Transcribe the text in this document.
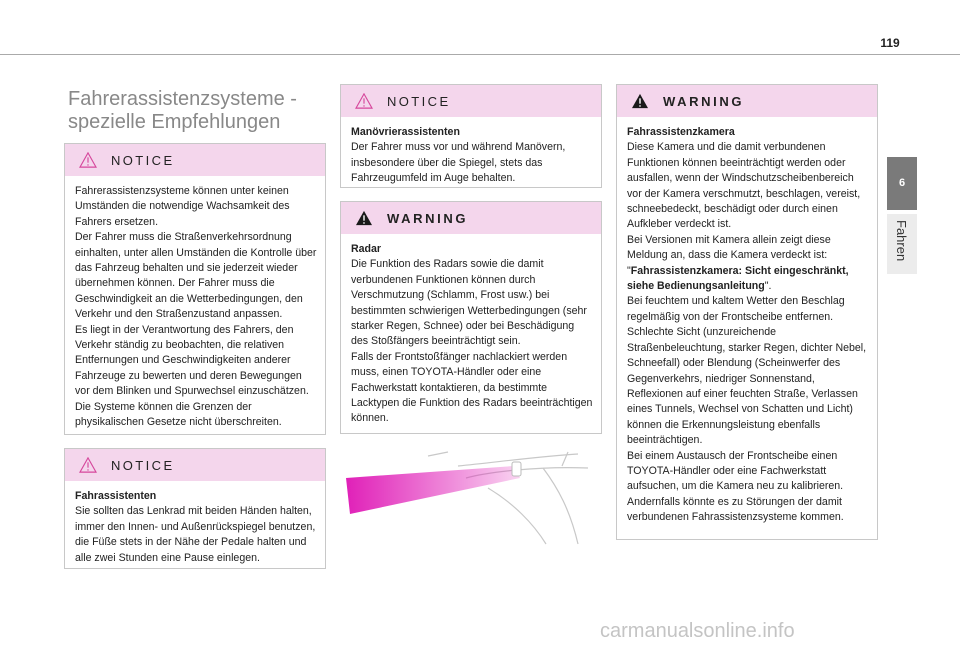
119
6
Fahren
Fahrerassistenzsysteme -
spezielle Empfehlungen
NOTICE

Fahrerassistenzsysteme können unter keinen Umständen die notwendige Wachsamkeit des Fahrers ersetzen.

Der Fahrer muss die Straßenverkehrsordnung einhalten, unter allen Umständen die Kontrolle über das Fahrzeug behalten und sie jederzeit wieder übernehmen können. Der Fahrer muss die Geschwindigkeit an die Wetterbedingungen, den Verkehr und den Straßenzustand anpassen.

Es liegt in der Verantwortung des Fahrers, den Verkehr ständig zu beobachten, die relativen Entfernungen und Geschwindigkeiten anderer Fahrzeuge zu bewerten und deren Bewegungen vor dem Blinken und Spurwechsel einzuschätzen.

Die Systeme können die Grenzen der physikalischen Gesetze nicht überschreiten.

NOTICE

Fahrassistenten

Sie sollten das Lenkrad mit beiden Händen halten, immer den Innen- und Außenrückspiegel benutzen, die Füße stets in der Nähe der Pedale halten und alle zwei Stunden eine Pause einlegen.

NOTICE

Manövrierassistenten

Der Fahrer muss vor und während Manövern, insbesondere über die Spiegel, stets das Fahrzeugumfeld im Auge behalten.

WARNING

Radar

Die Funktion des Radars sowie die damit verbundenen Funktionen können durch Verschmutzung (Schlamm, Frost usw.) bei bestimmten schwierigen Wetterbedingungen (sehr starker Regen, Schnee) oder bei Beschädigung des Stoßfängers beeinträchtigt sein.

Falls der Frontstoßfänger nachlackiert werden muss, einen TOYOTA-Händler oder eine Fachwerkstatt kontaktieren, da bestimmte Lacktypen die Funktion des Radars beeinträchtigen können.

WARNING

Fahrassistenzkamera

Diese Kamera und die damit verbundenen Funktionen können beeinträchtigt werden oder ausfallen, wenn der Windschutzscheibenbereich vor der Kamera verschmutzt, beschlagen, vereist, schneebedeckt, beschädigt oder durch einen Aufkleber verdeckt ist.

Bei Versionen mit Kamera allein zeigt diese Meldung an, dass die Kamera verdeckt ist: "Fahrassistenzkamera: Sicht eingeschränkt, siehe Bedienungsanleitung".

Bei feuchtem und kaltem Wetter den Beschlag regelmäßig von der Frontscheibe entfernen.

Schlechte Sicht (unzureichende Straßenbeleuchtung, starker Regen, dichter Nebel, Schneefall) oder Blendung (Scheinwerfer des Gegenverkehrs, niedriger Sonnenstand, Reflexionen auf einer feuchten Straße, Verlassen eines Tunnels, Wechsel von Schatten und Licht) können die Erkennungsleistung ebenfalls beeinträchtigen.

Bei einem Austausch der Frontscheibe einen TOYOTA-Händler oder eine Fachwerkstatt aufsuchen, um die Kamera neu zu kalibrieren.

Andernfalls könnte es zu Störungen der damit verbundenen Fahrassistenzsysteme kommen.

carmanualsonline.info
